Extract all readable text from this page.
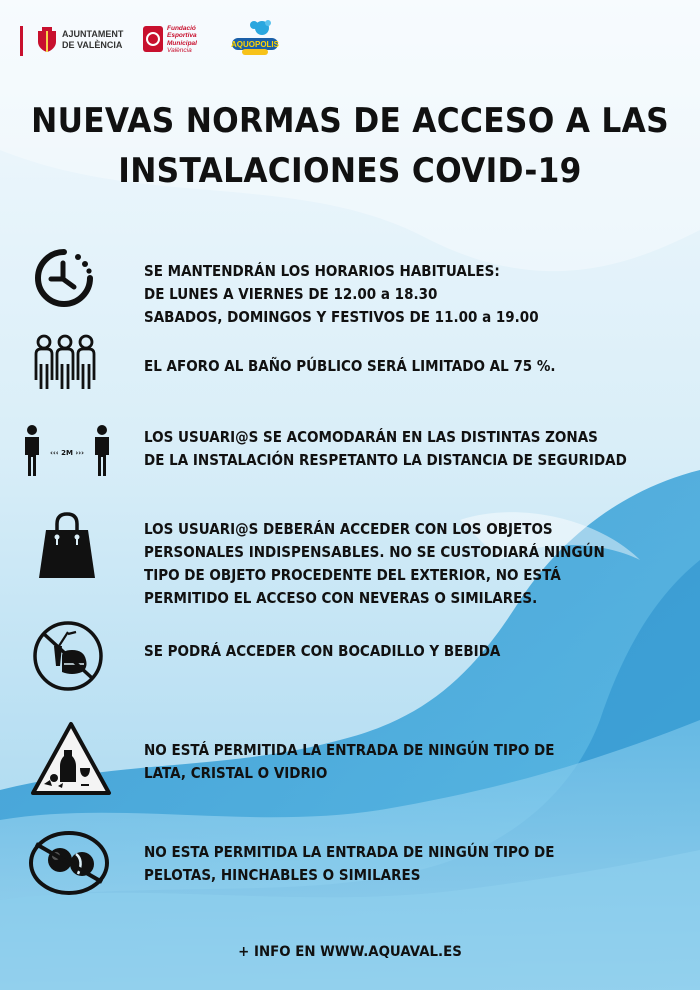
AJUNTAMENT
DE VALÈNCIA
Fundació
Esportiva
Municipal
València
AQUOPOLIS
NUEVAS NORMAS DE ACCESO A LAS
INSTALACIONES COVID-19
SE MANTENDRÁN LOS HORARIOS HABITUALES:
DE LUNES A VIERNES DE 12.00 a 18.30
SABADOS, DOMINGOS Y FESTIVOS DE 11.00 a 19.00
EL AFORO AL BAÑO PÚBLICO SERÁ LIMITADO AL 75 %.
‹‹‹ 2M ›››
LOS USUARI@S SE ACOMODARÁN EN LAS DISTINTAS ZONAS
DE LA INSTALACIÓN RESPETANTO LA DISTANCIA DE SEGURIDAD
LOS USUARI@S DEBERÁN ACCEDER CON LOS OBJETOS
PERSONALES INDISPENSABLES. NO SE CUSTODIARÁ NINGÚN
TIPO DE OBJETO PROCEDENTE DEL EXTERIOR, NO ESTÁ
PERMITIDO EL ACCESO CON NEVERAS O SIMILARES.
SE PODRÁ ACCEDER CON BOCADILLO Y BEBIDA
NO ESTÁ PERMITIDA LA ENTRADA DE NINGÚN TIPO DE
LATA, CRISTAL O VIDRIO
NO ESTA PERMITIDA LA ENTRADA DE NINGÚN TIPO DE
PELOTAS, HINCHABLES O SIMILARES
+ INFO EN WWW.AQUAVAL.ES
